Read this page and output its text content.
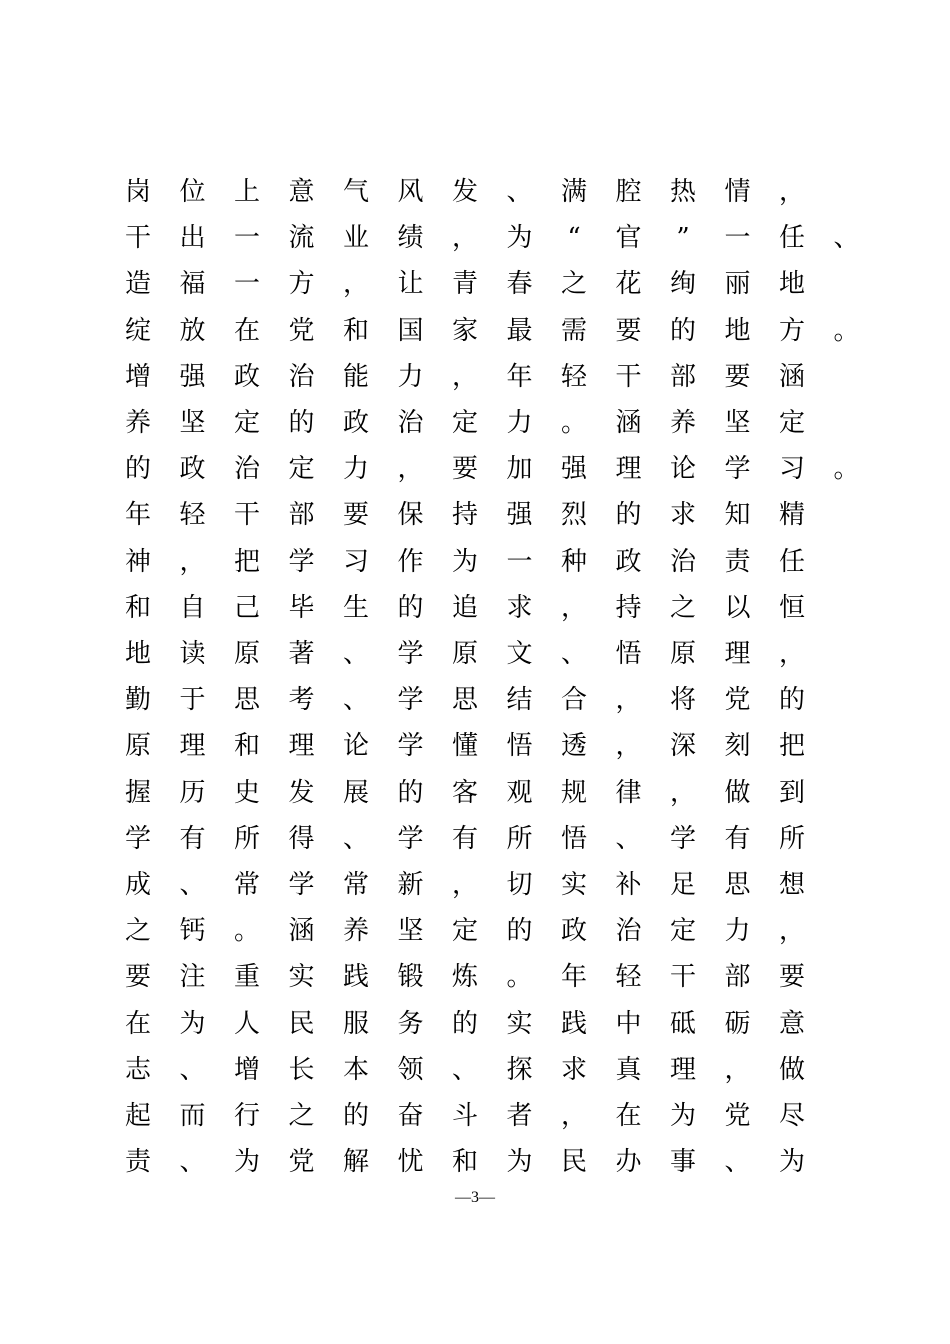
岗 位 上 意 气 风 发 、 满 腔 热 情 ，
干 出 一 流 业 绩 ， 为	“	官	”	一 任 、
造 福 一 方 ， 让 青 春 之 花 绚 丽 地
绽 放 在 党 和 国 家 最 需 要 的 地 方 。
增 强 政 治 能 力 ， 年 轻 干 部 要 涵
养 坚 定 的 政 治 定 力 。 涵 养 坚 定
的 政 治 定 力 ， 要 加 强 理 论 学 习 。
年 轻 干 部 要 保 持 强 烈 的 求 知 精
神 ， 把 学 习 作 为 一 种 政 治 责 任
和 自 己 毕 生 的 追 求 ， 持 之 以 恒
地 读 原 著 、 学 原 文 、 悟 原 理 ，
勤 于 思 考 、 学 思 结 合 ， 将 党 的
原 理 和 理 论 学 懂 悟 透 ， 深 刻 把
握 历 史 发 展 的 客 观 规 律 ， 做 到
学 有 所 得 、 学 有 所 悟 、 学 有 所
成 、 常 学 常 新 ， 切 实 补 足 思 想
之 钙 。 涵 养 坚 定 的 政 治 定 力 ，
要 注 重 实 践 锻 炼 。 年 轻 干 部 要
在 为 人 民 服 务 的 实 践 中 砥 砺 意
志 、 增 长 本 领 、 探 求 真 理 ， 做
起 而 行 之 的 奋 斗 者 ， 在 为 党 尽
责 、 为 党 解 忧 和 为 民 办 事 、 为
—3—
